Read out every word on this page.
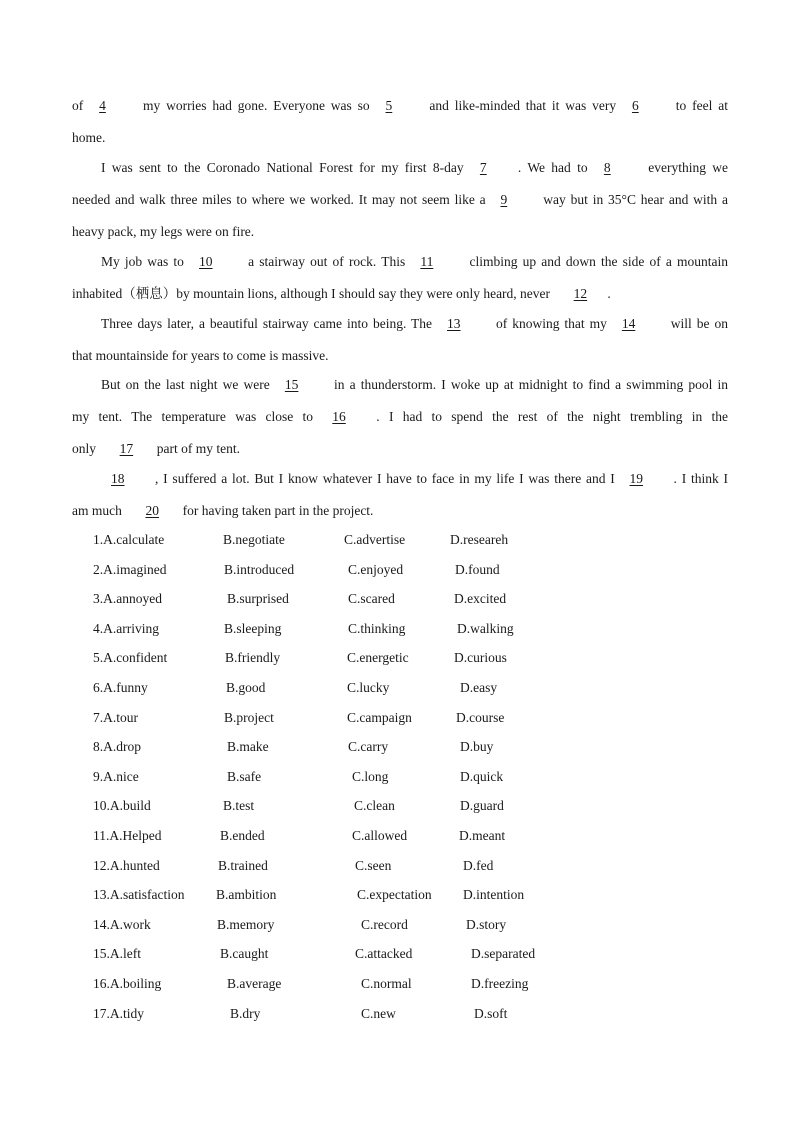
of 4 my worries had gone. Everyone was so 5 and like-minded that it was very 6 to feel at
home.
I was sent to the Coronado National Forest for my first 8-day 7 . We had to 8 everything we
needed and walk three miles to where we worked. It may not seem like a 9 way but in 35°C hear and with a
heavy pack, my legs were on fire.
My job was to 10 a stairway out of rock. This 11 climbing up and down the side of a mountain
inhabited（栖息）by mountain lions, although I should say they were only heard, never 12 .
Three days later, a beautiful stairway came into being. The 13 of knowing that my 14 will be on
that mountainside for years to come is massive.
But on the last night we were 15 in a thunderstorm. I woke up at midnight to find a swimming pool in
my tent. The temperature was close to 16 . I had to spend the rest of the night trembling in the
only 17 part of my tent.
18 , I suffered a lot. But I know whatever I have to face in my life I was there and I 19 . I think I
am much 20 for having taken part in the project.
1.A.calculate	B.negotiate	C.advertise	D.researeh
2.A.imagined	B.introduced	C.enjoyed	D.found
3.A.annoyed	B.surprised	C.scared	D.excited
4.A.arriving	B.sleeping	C.thinking	D.walking
5.A.confident	B.friendly	C.energetic	D.curious
6.A.funny	B.good	C.lucky	D.easy
7.A.tour	B.project	C.campaign	D.course
8.A.drop	B.make	C.carry	D.buy
9.A.nice	B.safe	C.long	D.quick
10.A.build	B.test	C.clean	D.guard
11.A.Helped	B.ended	C.allowed	D.meant
12.A.hunted	B.trained	C.seen	D.fed
13.A.satisfaction B.ambition	C.expectation D.intention
14.A.work	B.memory	C.record	D.story
15.A.left	B.caught	C.attacked	D.separated
16.A.boiling	B.average	C.normal	D.freezing
17.A.tidy	B.dry	C.new	D.soft
